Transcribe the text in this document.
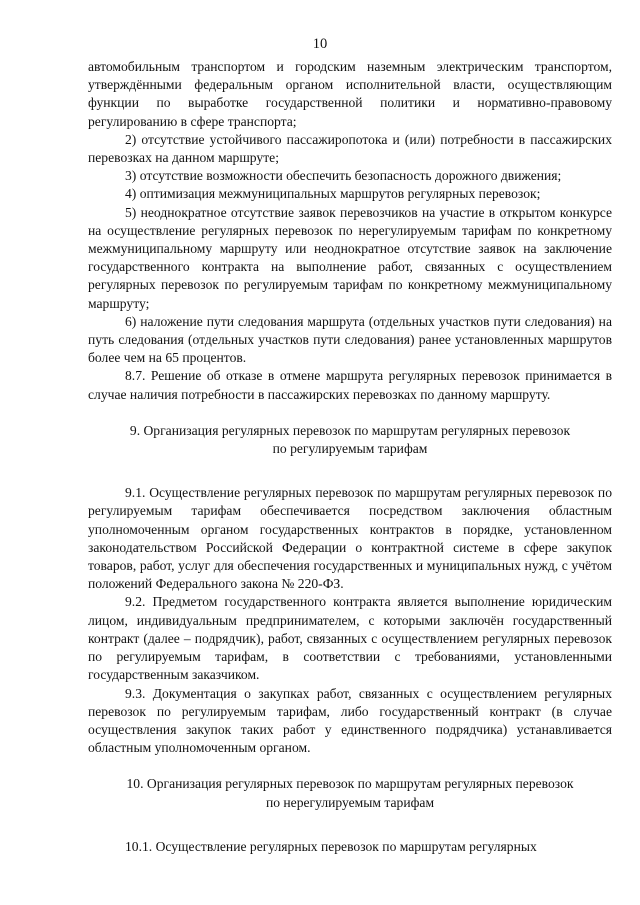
10

автомобильным транспортом и городским наземным электрическим транспортом, утверждёнными федеральным органом исполнительной власти, осуществляющим функции по выработке государственной политики и нормативно-правовому регулированию в сфере транспорта;

2) отсутствие устойчивого пассажиропотока и (или) потребности в пассажирских перевозках на данном маршруте;

3) отсутствие возможности обеспечить безопасность дорожного движения;

4) оптимизация межмуниципальных маршрутов регулярных перевозок;

5) неоднократное отсутствие заявок перевозчиков на участие в открытом конкурсе на осуществление регулярных перевозок по нерегулируемым тарифам по конкретному межмуниципальному маршруту или неоднократное отсутствие заявок на заключение государственного контракта на выполнение работ, связанных с осуществлением регулярных перевозок по регулируемым тарифам по конкретному межмуниципальному маршруту;

6) наложение пути следования маршрута (отдельных участков пути следования) на путь следования (отдельных участков пути следования) ранее установленных маршрутов более чем на 65 процентов.

8.7. Решение об отказе в отмене маршрута регулярных перевозок принимается в случае наличия потребности в пассажирских перевозках по данному маршруту.

9. Организация регулярных перевозок по маршрутам регулярных перевозок

по регулируемым тарифам

9.1. Осуществление регулярных перевозок по маршрутам регулярных перевозок по регулируемым тарифам обеспечивается посредством заключения областным уполномоченным органом государственных контрактов в порядке, установленном законодательством Российской Федерации о контрактной системе в сфере закупок товаров, работ, услуг для обеспечения государственных и муниципальных нужд, с учётом положений Федерального закона № 220-ФЗ.

9.2. Предметом государственного контракта является выполнение юридическим лицом, индивидуальным предпринимателем, с которыми заключён государственный контракт (далее – подрядчик), работ, связанных с осуществлением регулярных перевозок по регулируемым тарифам, в соответствии с требованиями, установленными государственным заказчиком.

9.3. Документация о закупках работ, связанных с осуществлением регулярных перевозок по регулируемым тарифам, либо государственный контракт (в случае осуществления закупок таких работ у единственного подрядчика) устанавливается областным уполномоченным органом.

10. Организация регулярных перевозок по маршрутам регулярных перевозок

по нерегулируемым тарифам

10.1. Осуществление регулярных перевозок по маршрутам регулярных
